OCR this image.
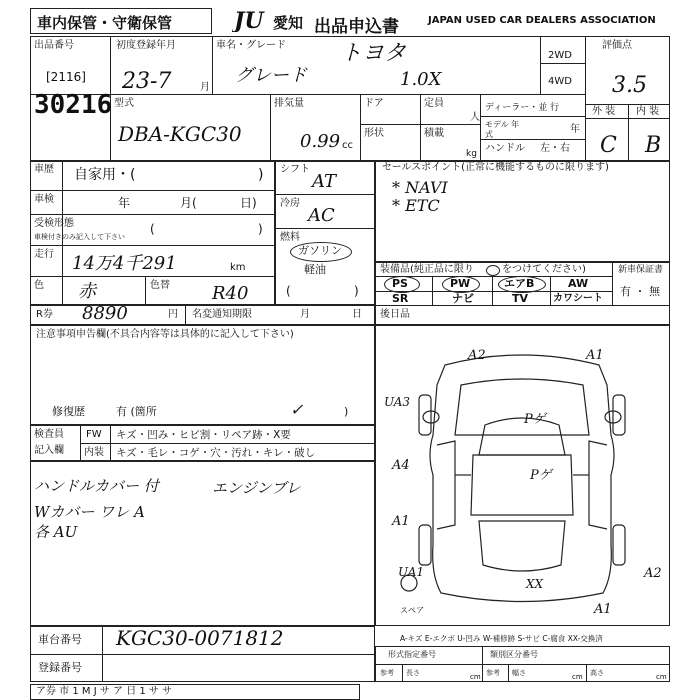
車内保管・守衛保管	JU 愛知 出品申込書	JAPAN USED CAR DEALERS ASSOCIATION
出品番号
[2116]
初度登録年月
23-7	月
車名・グレード トヨタ
グレード	1.0X
2WD
4WD
評価点
3.5
外 装 内 装
C B
30216 型式
DBA-KGC30
排気量
0.99 cc
ドア
形状
定員
人
積載
kg
ディーラー・並 行
モデル 年式	年
ハンドル 左・右
車歴 自家用・(	)
車検	年	月(	日)
受検形態
車検付きのみ記入して下さい
(	)
走行 14万4千291	km
色 赤	色替 R40
シフト
AT
冷房
AC
燃料
ガソリン
軽油
(	)
セールスポイント(正常に機能するものに限ります)
* NAVI
* ETC
装備品(純正品に限り	をつけてください)
PS	PW	エアB	AW
SR	ナビ	TV カワシート
新車保証書
有 ・ 無
R券 8890	円 名変通知期限	月	日 後日品
注意事項申告欄(不具合内容等は具体的に記入して下さい)
修復歴	有 (箇所	)
✓
検査員
記入欄
FW キズ・凹み・ヒビ割・リペア跡・X要
内装 キズ・毛レ・コゲ・穴・汚れ・キレ・破し
ハンドルカバー 付	エンジンブレ
Wカバー ワレ A
各 AU
A2	A1
UA3
Pゲ
A4
Pゲ
A1
UA1
XX
A2
A1
スペア
A-キズ E-エクボ U-凹み W-補修跡 S-サビ C-腐食 XX-交換済
車台番号 KGC30-0071812
登録番号
形式指定番号	類別区分番号
参考 長さ	参考 幅さ	高さ
cm	cm	cm
ア券 市 1 M J サ ア 日 1 サ サ
